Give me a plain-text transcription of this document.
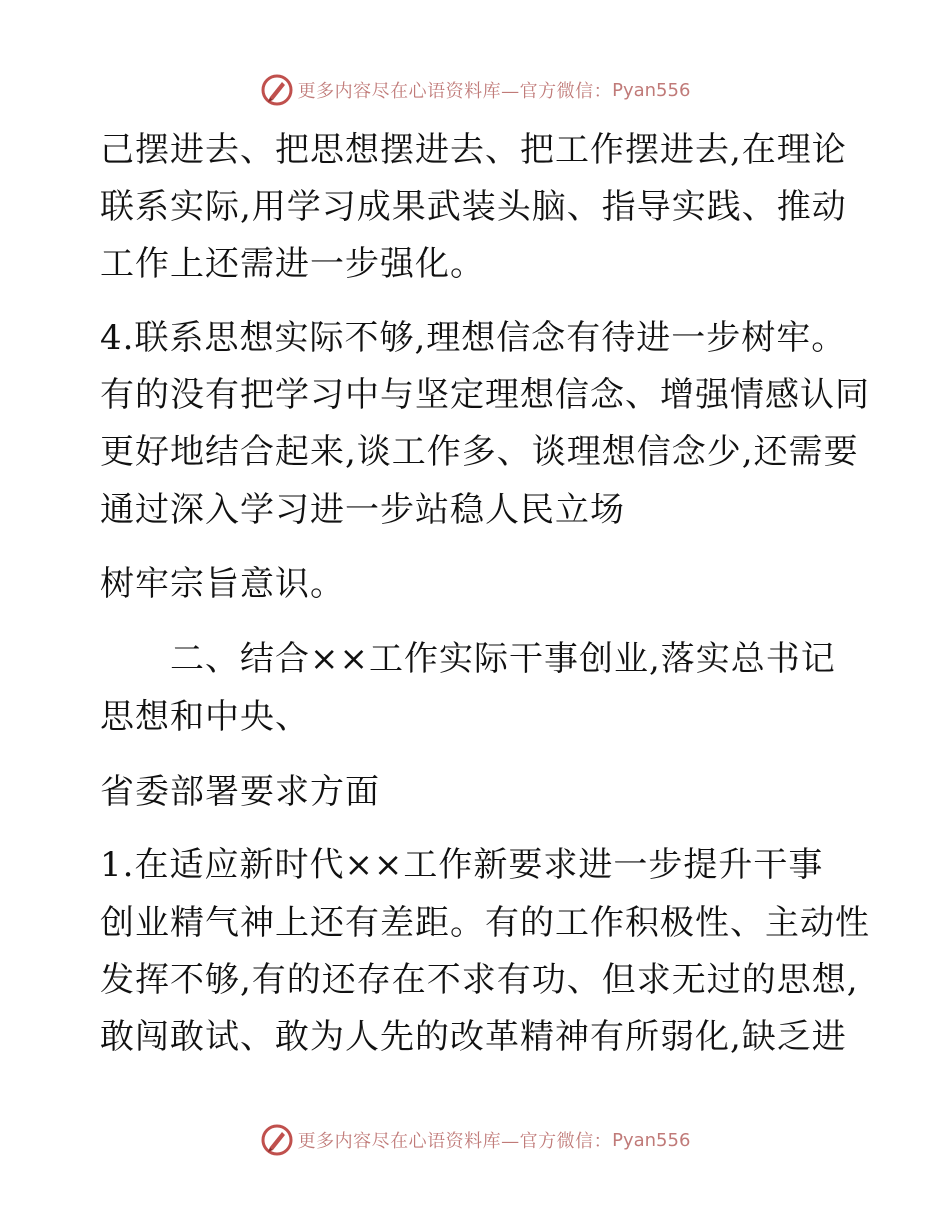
更多内容尽在心语资料库—官方微信： Pyan556
己摆进去、把思想摆进去、把工作摆进去,在理论
联系实际,用学习成果武装头脑、指导实践、推动
工作上还需进一步强化。
4.联系思想实际不够,理想信念有待进一步树牢。
有的没有把学习中与坚定理想信念、增强情感认同
更好地结合起来,谈工作多、谈理想信念少,还需要
通过深入学习进一步站稳人民立场
树牢宗旨意识。
　　二、结合××工作实际干事创业,落实总书记
思想和中央、
省委部署要求方面
1.在适应新时代××工作新要求进一步提升干事
创业精气神上还有差距。有的工作积极性、主动性
发挥不够,有的还存在不求有功、但求无过的思想,
敢闯敢试、敢为人先的改革精神有所弱化,缺乏进
更多内容尽在心语资料库—官方微信： Pyan556
